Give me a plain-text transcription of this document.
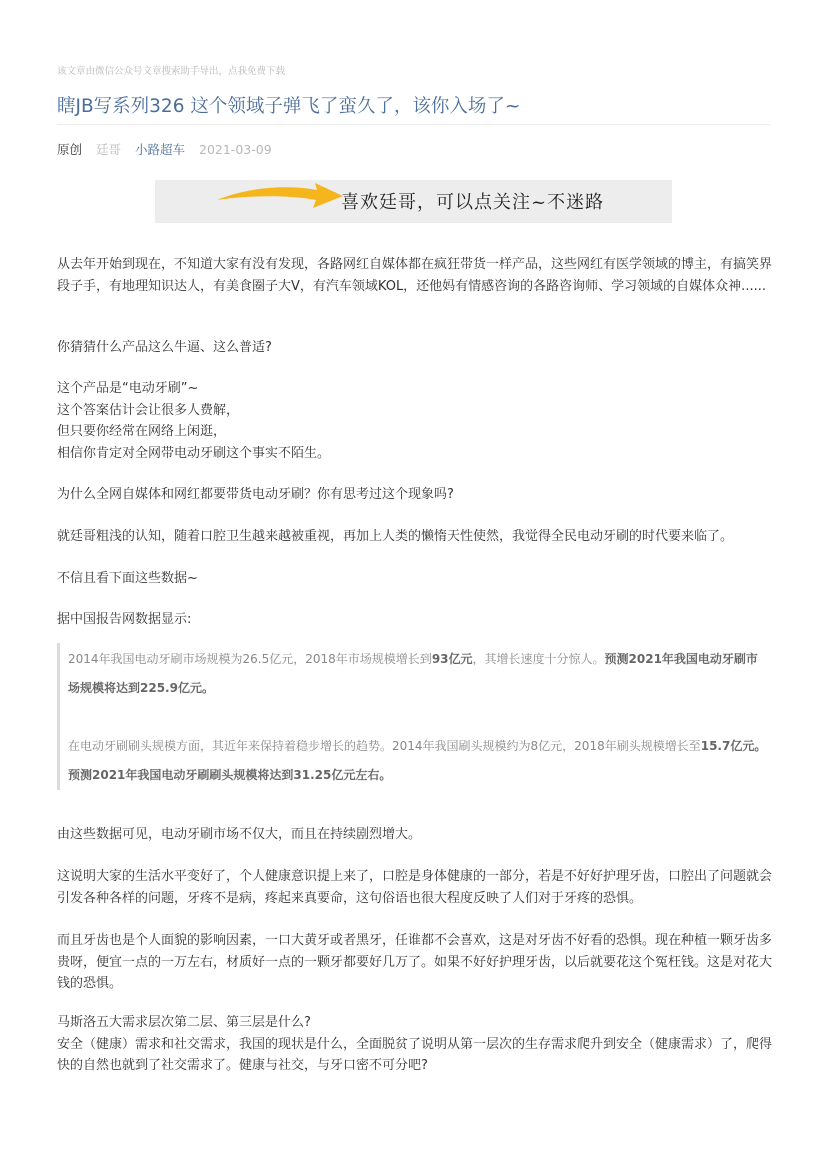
该文章由微信公众号文章搜索助手导出，点我免费下载
瞎JB写系列326 这个领域子弹飞了蛮久了，该你入场了~
原创 廷哥 小路超车 2021-03-09
喜欢廷哥，可以点关注~不迷路

从去年开始到现在，不知道大家有没有发现，各路网红自媒体都在疯狂带货一样产品，这些网红有医学领域的博主，有搞笑界段子手，有地理知识达人，有美食圈子大V，有汽车领域KOL，还他妈有情感咨询的各路咨询师、学习领域的自媒体众神......

你猜猜什么产品这么牛逼、这么普适?

这个产品是“电动牙刷”~
这个答案估计会让很多人费解，
但只要你经常在网络上闲逛，
相信你肯定对全网带电动牙刷这个事实不陌生。

为什么全网自媒体和网红都要带货电动牙刷？你有思考过这个现象吗?

就廷哥粗浅的认知，随着口腔卫生越来越被重视，再加上人类的懒惰天性使然，我觉得全民电动牙刷的时代要来临了。

不信且看下面这些数据~

据中国报告网数据显示:

2014年我国电动牙刷市场规模为26.5亿元，2018年市场规模增长到93亿元，其增长速度十分惊人。预测2021年我国电动牙刷市场规模将达到225.9亿元。

在电动牙刷刷头规模方面，其近年来保持着稳步增长的趋势。2014年我国刷头规模约为8亿元，2018年刷头规模增长至15.7亿元。预测2021年我国电动牙刷刷头规模将达到31.25亿元左右。

由这些数据可见，电动牙刷市场不仅大，而且在持续剧烈增大。

这说明大家的生活水平变好了，个人健康意识提上来了，口腔是身体健康的一部分，若是不好好护理牙齿，口腔出了问题就会引发各种各样的问题，牙疼不是病，疼起来真要命，这句俗语也很大程度反映了人们对于牙疼的恐惧。

而且牙齿也是个人面貌的影响因素，一口大黄牙或者黑牙，任谁都不会喜欢，这是对牙齿不好看的恐惧。现在种植一颗牙齿多贵呀，便宜一点的一万左右，材质好一点的一颗牙都要好几万了。如果不好好护理牙齿，以后就要花这个冤枉钱。这是对花大钱的恐惧。

马斯洛五大需求层次第二层、第三层是什么?
安全（健康）需求和社交需求，我国的现状是什么，全面脱贫了说明从第一层次的生存需求爬升到安全（健康需求）了，爬得快的自然也就到了社交需求了。健康与社交，与牙口密不可分吧?
